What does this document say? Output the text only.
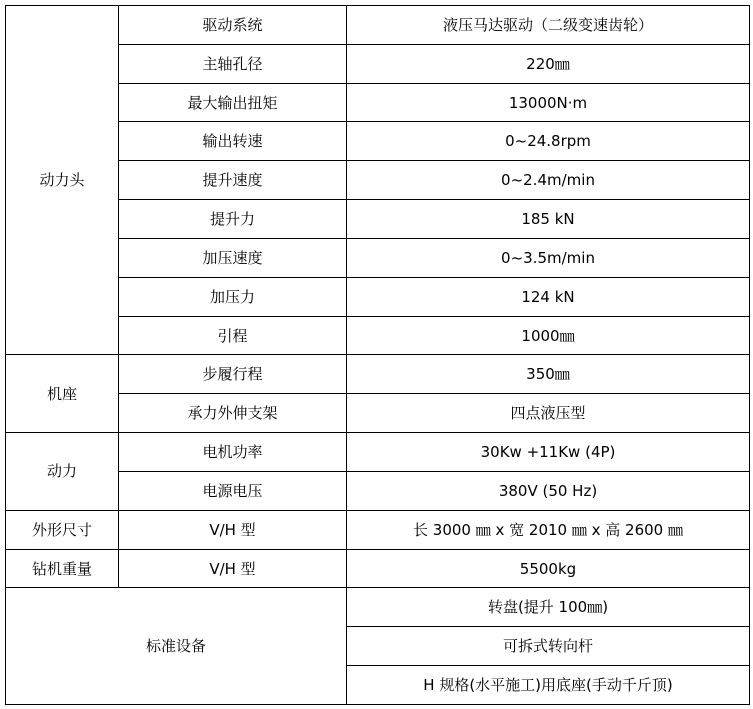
动力头	驱动系统	液压马达驱动（二级变速齿轮）
	主轴孔径	220㎜
	最大输出扭矩	13000N·m
	输出转速	0~24.8rpm
	提升速度	0~2.4m/min
	提升力	185 kN
	加压速度	0~3.5m/min
	加压力	124 kN
	引程	1000㎜
机座	步履行程	350㎜
	承力外伸支架	四点液压型
动力	电机功率	30Kw +11Kw (4P)
	电源电压	380V (50 Hz)
外形尺寸	V/H 型	长 3000 ㎜ x 宽 2010 ㎜ x 高 2600 ㎜
钻机重量	V/H 型	5500kg
标准设备		转盘(提升 100㎜)
		可拆式转向杆
		H 规格(水平施工)用底座(手动千斤顶)
